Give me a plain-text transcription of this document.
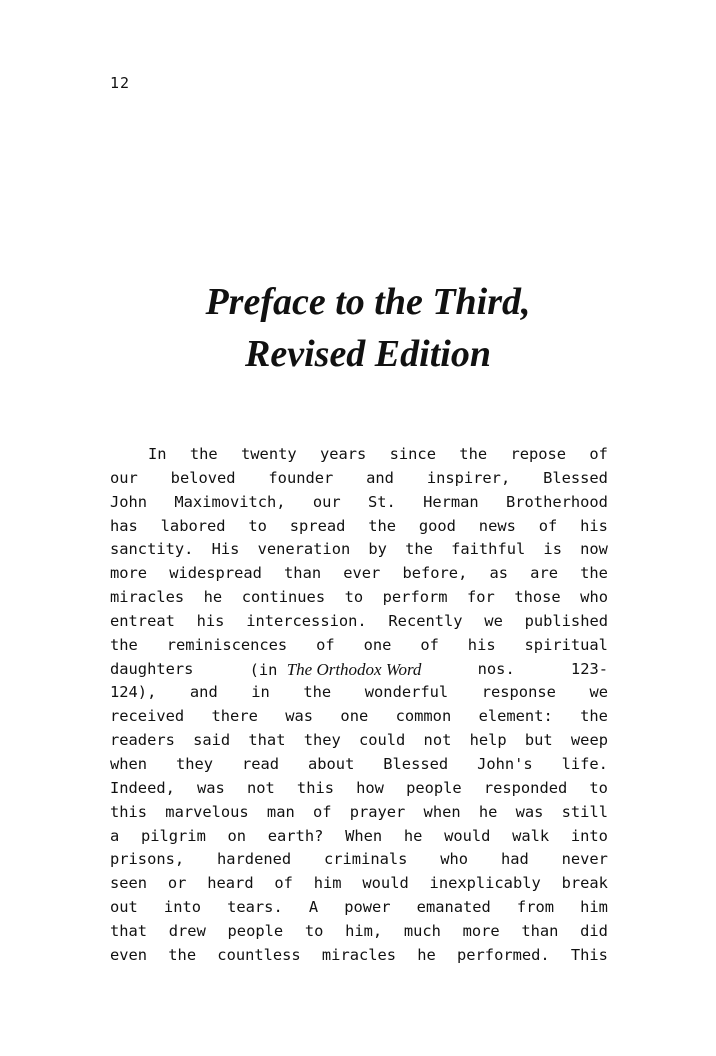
12
Preface to the Third,
Revised Edition
In the twenty years since the repose of
our beloved founder and inspirer, Blessed
John Maximovitch, our St. Herman Brotherhood
has labored to spread the good news of his
sanctity. His veneration by the faithful is now
more widespread than ever before, as are the
miracles he continues to perform for those who
entreat his intercession. Recently we published
the reminiscences of one of his spiritual
daughters	(in The Orthodox Word	nos.	123-
124), and in the wonderful response we
received there was one common element: the
readers said that they could not help but weep
when they read about Blessed John's life.
Indeed, was not this how people responded to
this marvelous man of prayer when he was still
a pilgrim on earth? When he would walk into
prisons, hardened criminals who had never
seen or heard of him would inexplicably break
out into tears. A power emanated from him
that drew people to him, much more than did
even the countless miracles he performed. This
